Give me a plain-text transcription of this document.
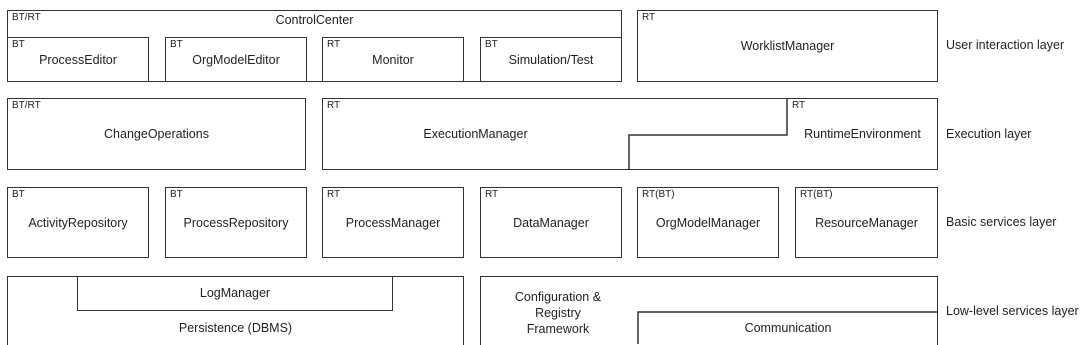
BT/RT	ControlCenter
BT
ProcessEditor
BT
OrgModelEditor
RT
Monitor
BT
Simulation/Test
RT
WorklistManager	User interaction layer
BT/RT
ChangeOperations
RT
ExecutionManager
RT
RuntimeEnvironment	Execution layer
BT
ActivityRepository
BT
ProcessRepository
RT
ProcessManager
RT
DataManager
RT(BT)
OrgModelManager
RT(BT)
ResourceManager	Basic services layer
Persistence (DBMS)
LogManager	Configuration &
Registry
Framework	Communication
Low-level services layer
